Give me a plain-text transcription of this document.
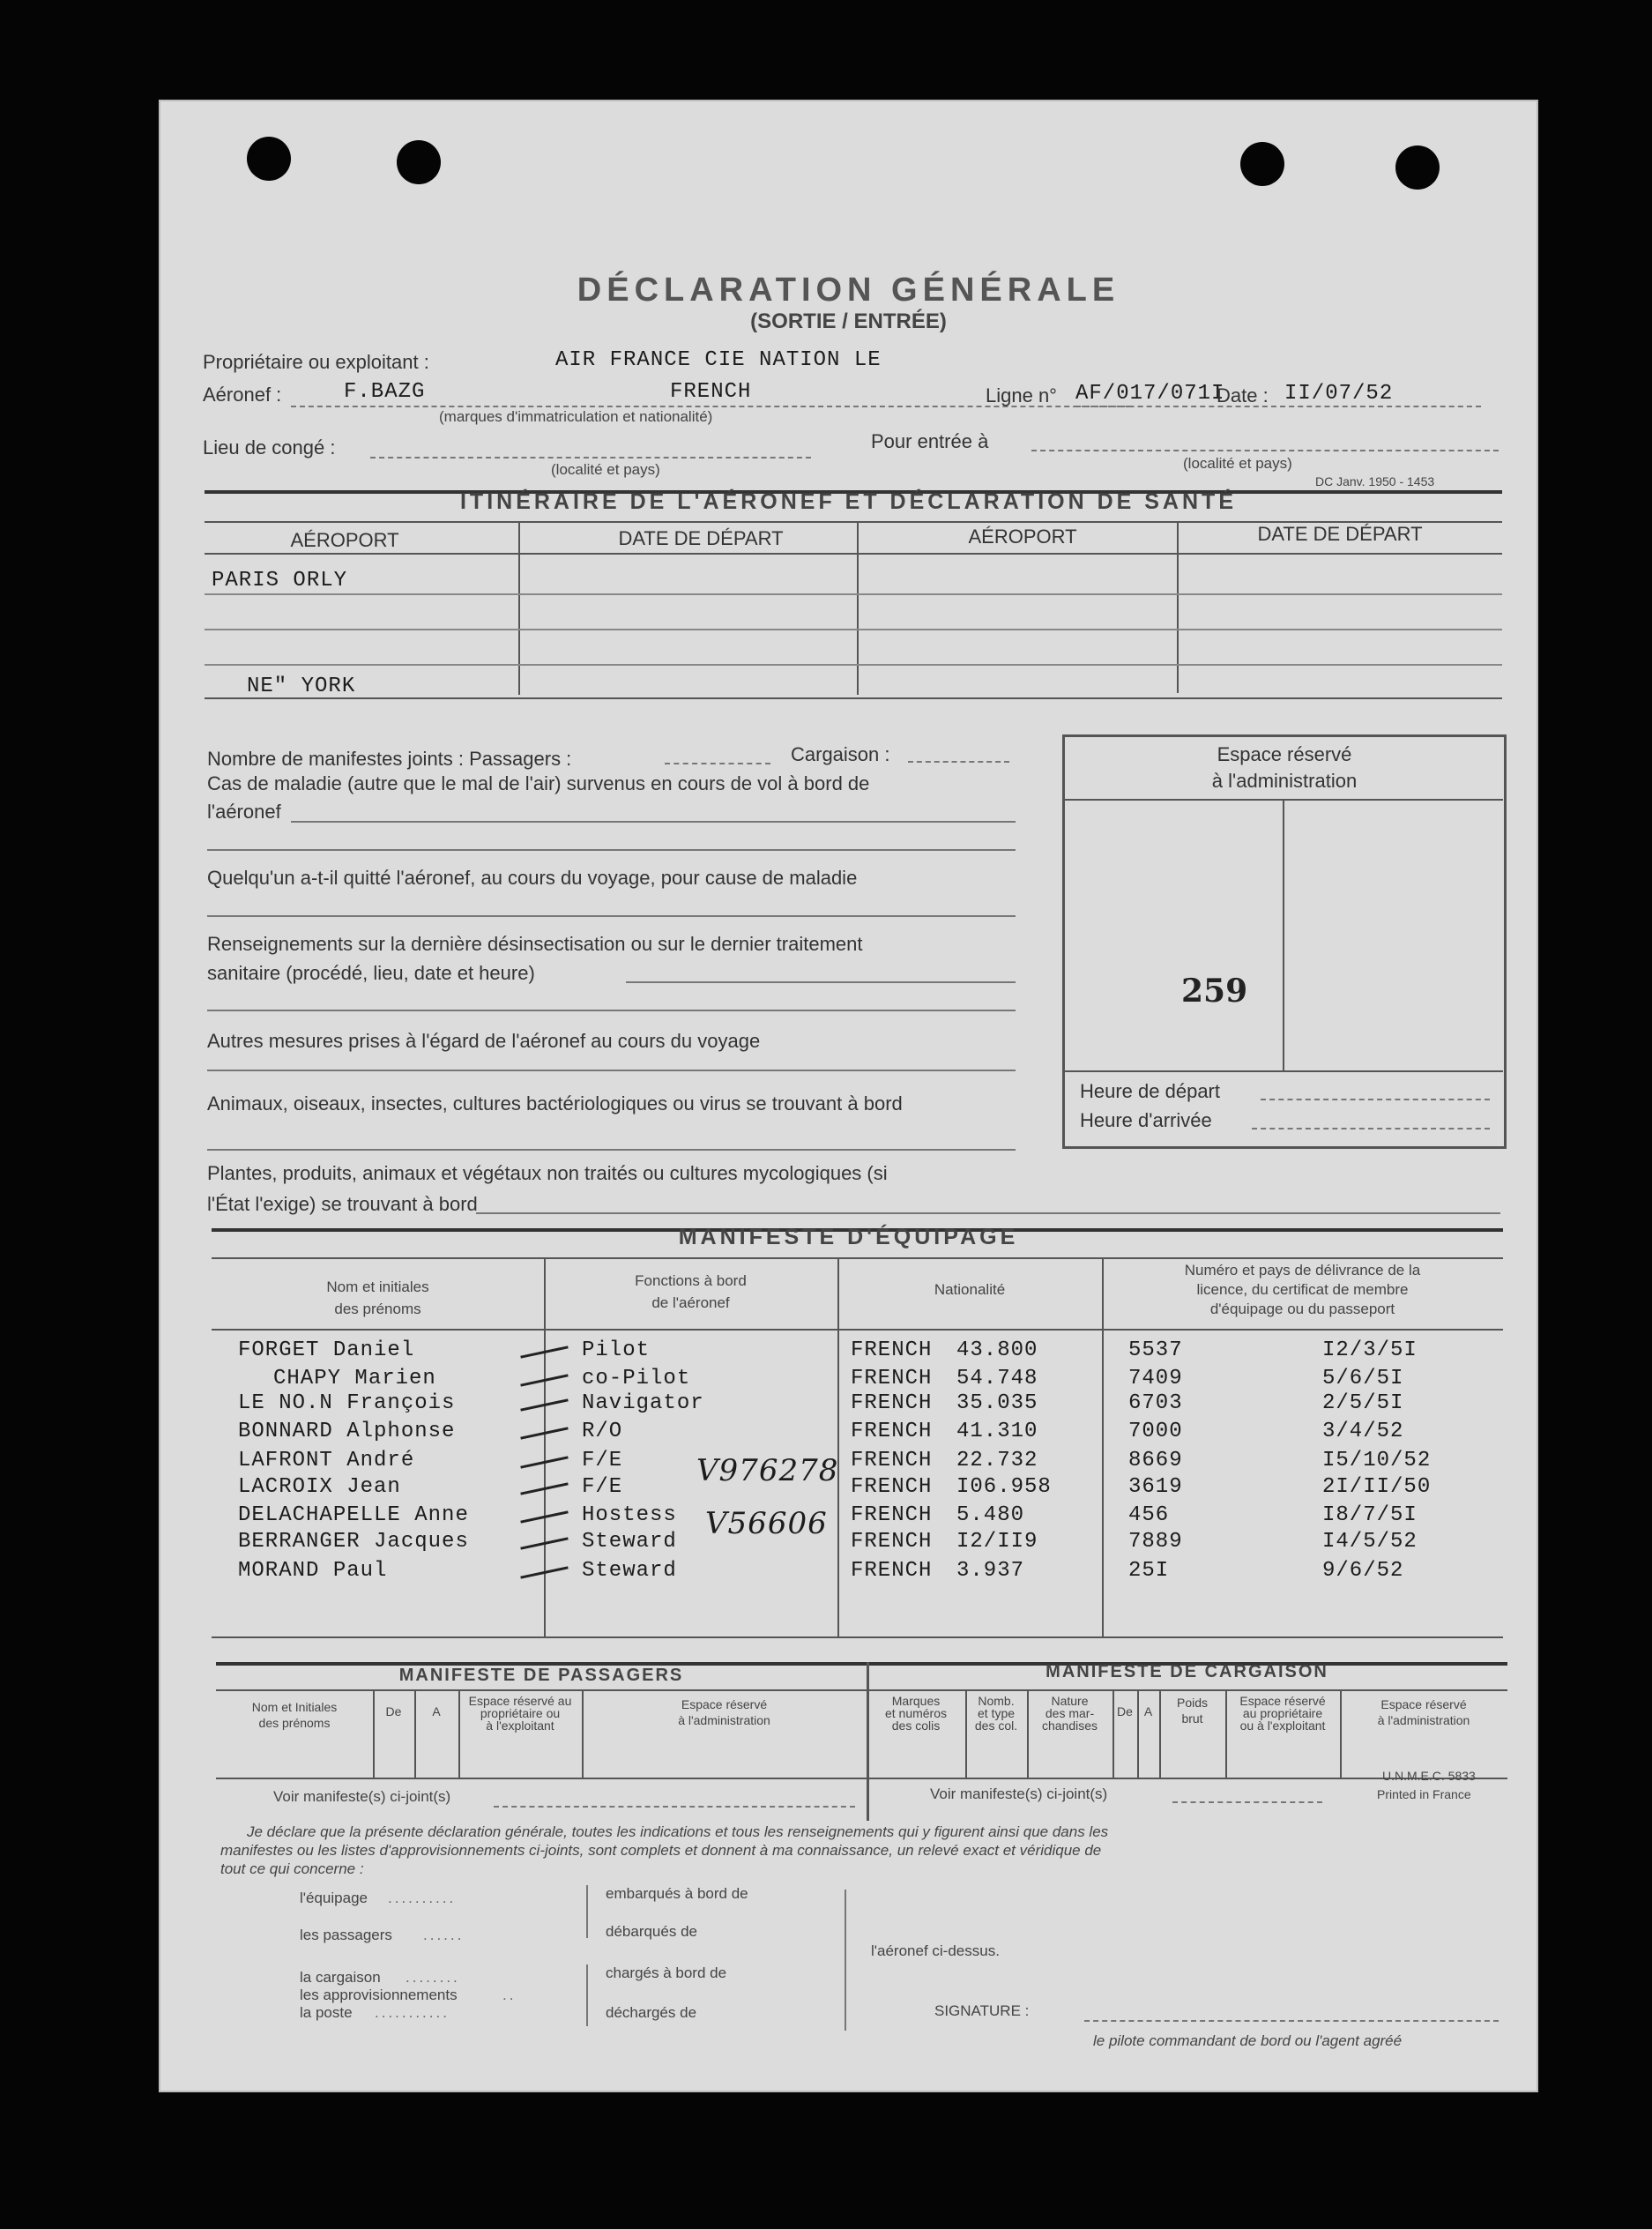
DÉCLARATION GÉNÉRALE
(SORTIE / ENTRÉE)
Propriétaire ou exploitant :	AIR FRANCE CIE NATION LE
Aéronef :	F.BAZG	FRENCH
(marques d'immatriculation et nationalité)
Ligne n° AF/017/071I
Date : II/07/52
Lieu de congé :
(localité et pays)
Pour entrée à
(localité et pays)
DC Janv. 1950 - 1453
ITINÉRAIRE DE L'AÉRONEF ET DÉCLARATION DE SANTÉ
AÉROPORT	DATE DE DÉPART	AÉROPORT	DATE DE DÉPART
PARIS ORLY
NE" YORK
Nombre de manifestes joints : Passagers :	Cargaison :
Cas de maladie (autre que le mal de l'air) survenus en cours de vol à bord de
l'aéronef
Quelqu'un a-t-il quitté l'aéronef, au cours du voyage, pour cause de maladie
Renseignements sur la dernière désinsectisation ou sur le dernier traitement
sanitaire (procédé, lieu, date et heure)
Autres mesures prises à l'égard de l'aéronef au cours du voyage
Animaux, oiseaux, insectes, cultures bactériologiques ou virus se trouvant à bord
Plantes, produits, animaux et végétaux non traités ou cultures mycologiques (si
l'État l'exige) se trouvant à bord
Espace réservé
à l'administration
259
Heure de départ
Heure d'arrivée
MANIFESTE D'ÉQUIPAGE
Nom et initiales
des prénoms
Fonctions à bord
de l'aéronef
Nationalité
Numéro et pays de délivrance de la
licence, du certificat de membre
d'équipage ou du passeport
FORGET Daniel	Pilot	FRENCH 43.800	5537	I2/3/5I
CHAPY Marien	co-Pilot	FRENCH 54.748	7409	5/6/5I
LE NO.N François	Navigator	FRENCH 35.035	6703	2/5/5I
BONNARD Alphonse	R/O	FRENCH 41.310	7000	3/4/52
LAFRONT André	F/E	FRENCH 22.732	8669	I5/10/52
LACROIX Jean	F/E	FRENCH I06.958	3619	2I/II/50
DELACHAPELLE Anne	Hostess	FRENCH 5.480	456	I8/7/5I
BERRANGER Jacques	Steward	FRENCH I2/II9	7889	I4/5/52
MORAND Paul	Steward	FRENCH 3.937	25I	9/6/52
V976278
V56606
MANIFESTE DE PASSAGERS	MANIFESTE DE CARGAISON
Nom et Initiales
des prénoms
De	A
Espace réservé au
propriétaire ou
à l'exploitant
Espace réservé
à l'administration
Voir manifeste(s) ci-joint(s)
Marques
et numéros
des colis
Nomb.
et type
des col.
Nature
des mar-
chandises
De A
Poids
brut
Espace réservé
au propriétaire
ou à l'exploitant
Espace réservé
à l'administration
U.N.M.E.C. 5833
Printed in France
Voir manifeste(s) ci-joint(s)
Je déclare que la présente déclaration générale, toutes les indications et tous les renseignements qui y figurent ainsi que dans les
manifestes ou les listes d'approvisionnements ci-joints, sont complets et donnent à ma connaissance, un relevé exact et véridique de
tout ce qui concerne :
l'équipage
les passagers
la cargaison
les approvisionnements
la poste
..........
......
........
..
...........
embarqués à bord de
débarqués de
chargés à bord de
déchargés de
l'aéronef ci-dessus.
SIGNATURE :
le pilote commandant de bord ou l'agent agréé
